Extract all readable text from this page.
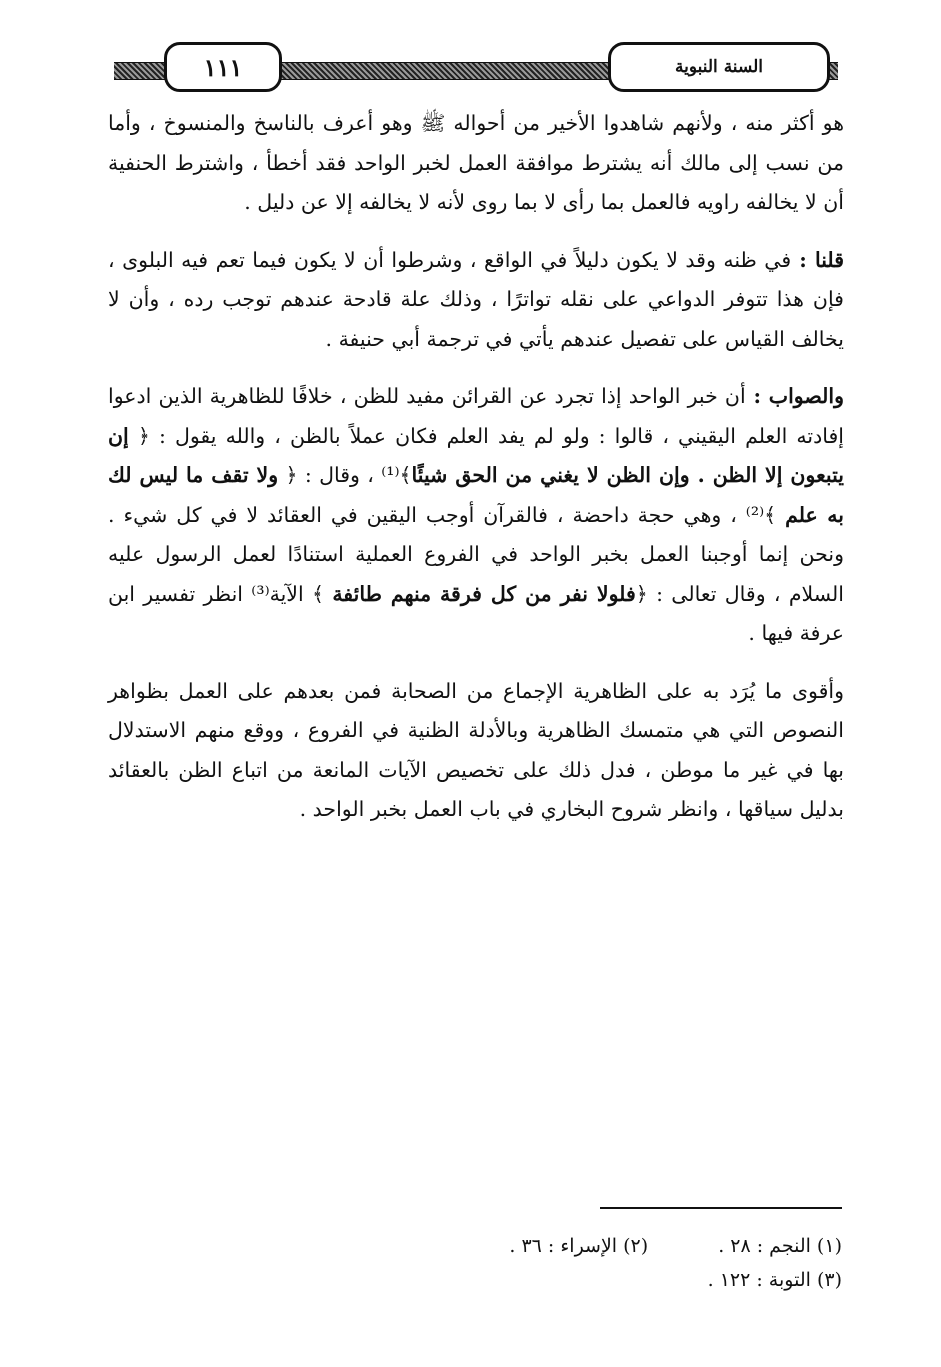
١١١	السنة النبوية

هو أكثر منه ، ولأنهم شاهدوا الأخير من أحواله ﷺ وهو أعرف بالناسخ والمنسوخ ، وأما من نسب إلى مالك أنه يشترط موافقة العمل لخبر الواحد فقد أخطأ ، واشترط الحنفية أن لا يخالفه راويه فالعمل بما رأى لا بما روى لأنه لا يخالفه إلا عن دليل .

قلنا : في ظنه وقد لا يكون دليلاً في الواقع ، وشرطوا أن لا يكون فيما تعم فيه البلوى ، فإن هذا تتوفر الدواعي على نقله تواترًا ، وذلك علة قادحة عندهم توجب رده ، وأن لا يخالف القياس على تفصيل عندهم يأتي في ترجمة أبي حنيفة .

والصواب : أن خبر الواحد إذا تجرد عن القرائن مفيد للظن ، خلافًا للظاهرية الذين ادعوا إفادته العلم اليقيني ، قالوا : ولو لم يفد العلم فكان عملاً بالظن ، والله يقول : ﴿ إن يتبعون إلا الظن . وإن الظن لا يغني من الحق شيئًا﴾⁽¹⁾ ، وقال : ﴿ ولا تقف ما ليس لك به علم ﴾⁽²⁾ ، وهي حجة داحضة ، فالقرآن أوجب اليقين في العقائد لا في كل شيء . ونحن إنما أوجبنا العمل بخبر الواحد في الفروع العملية استنادًا لعمل الرسول عليه السلام ، وقال تعالى : ﴿فلولا نفر من كل فرقة منهم طائفة ﴾ الآية⁽³⁾ انظر تفسير ابن عرفة فيها .

وأقوى ما يُرَد به على الظاهرية الإجماع من الصحابة فمن بعدهم على العمل بظواهر النصوص التي هي متمسك الظاهرية وبالأدلة الظنية في الفروع ، ووقع منهم الاستدلال بها في غير ما موطن ، فدل ذلك على تخصيص الآيات المانعة من اتباع الظن بالعقائد بدليل سياقها ، وانظر شروح البخاري في باب العمل بخبر الواحد .

(١) النجم : ٢٨ .
(٢) الإسراء : ٣٦ .
(٣) التوبة : ١٢٢ .
